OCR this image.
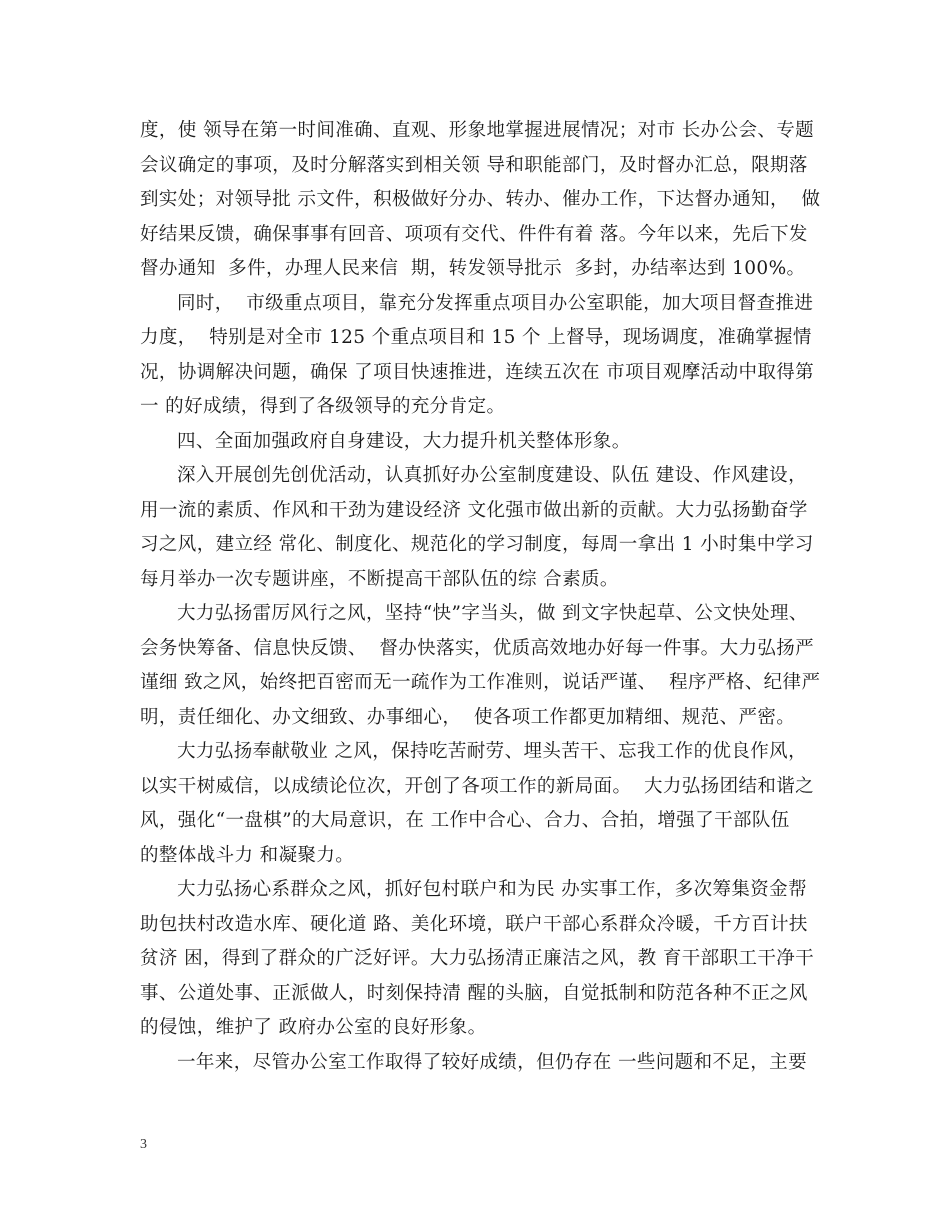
度，使 领导在第一时间准确、直观、形象地掌握进展情况；对市 长办公会、专题
会议确定的事项，及时分解落实到相关领 导和职能部门，及时督办汇总，限期落
到实处；对领导批 示文件，积极做好分办、转办、催办工作，下达督办通知，  做
好结果反馈，确保事事有回音、项项有交代、件件有着 落。今年以来，先后下发
督办通知  多件，办理人民来信  期，转发领导批示  多封，办结率达到 100%。
同时，  市级重点项目，靠充分发挥重点项目办公室职能，加大项目督查推进
力度，  特别是对全市 125 个重点项目和 15 个 上督导，现场调度，准确掌握情
况，协调解决问题，确保 了项目快速推进，连续五次在 市项目观摩活动中取得第
一 的好成绩，得到了各级领导的充分肯定。
四、全面加强政府自身建设，大力提升机关整体形象。
深入开展创先创优活动，认真抓好办公室制度建设、队伍 建设、作风建设，
用一流的素质、作风和干劲为建设经济 文化强市做出新的贡献。大力弘扬勤奋学
习之风，建立经 常化、制度化、规范化的学习制度，每周一拿出 1 小时集中学习
每月举办一次专题讲座，不断提高干部队伍的综 合素质。
大力弘扬雷厉风行之风，坚持“快”字当头，做 到文字快起草、公文快处理、
会务快筹备、信息快反馈、  督办快落实，优质高效地办好每一件事。大力弘扬严
谨细 致之风，始终把百密而无一疏作为工作准则，说话严谨、  程序严格、纪律严
明，责任细化、办文细致、办事细心，  使各项工作都更加精细、规范、严密。
大力弘扬奉献敬业 之风，保持吃苦耐劳、埋头苦干、忘我工作的优良作风，
以实干树威信，以成绩论位次，开创了各项工作的新局面。  大力弘扬团结和谐之
风，强化“一盘棋”的大局意识，在 工作中合心、合力、合拍，增强了干部队伍
的整体战斗力 和凝聚力。
大力弘扬心系群众之风，抓好包村联户和为民 办实事工作，多次筹集资金帮
助包扶村改造水库、硬化道 路、美化环境，联户干部心系群众冷暖，千方百计扶
贫济 困，得到了群众的广泛好评。大力弘扬清正廉洁之风，教 育干部职工干净干
事、公道处事、正派做人，时刻保持清 醒的头脑，自觉抵制和防范各种不正之风
的侵蚀，维护了 政府办公室的良好形象。
一年来，尽管办公室工作取得了较好成绩，但仍存在 一些问题和不足，主要
3
